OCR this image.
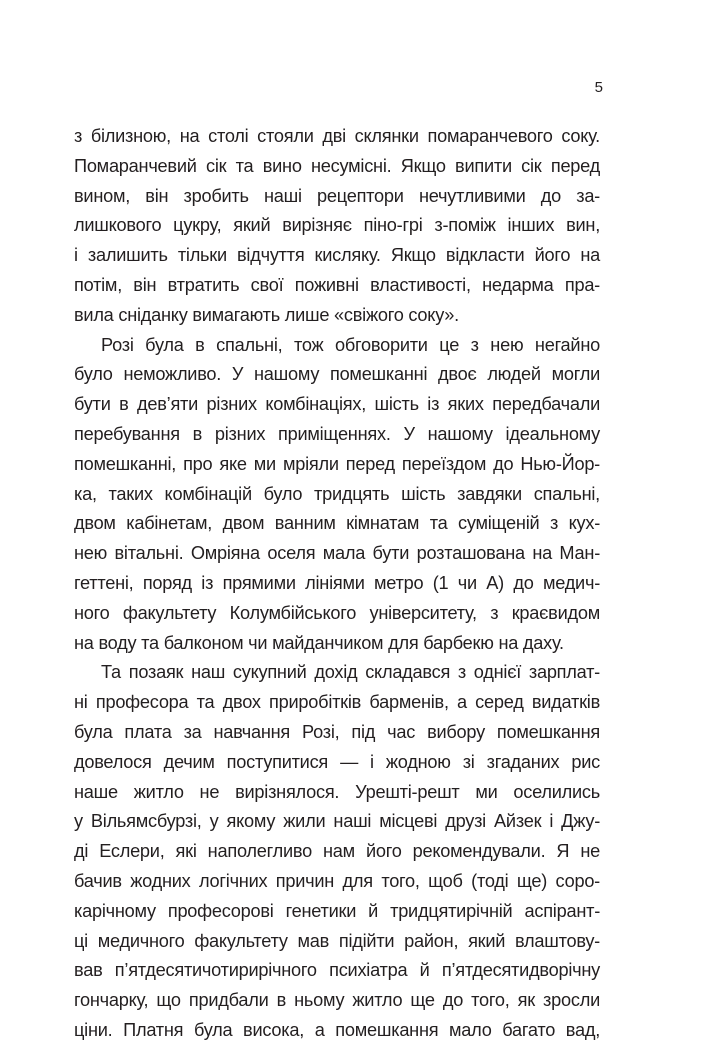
5
з білизною, на столі стояли дві склянки помаранчевого соку.
Помаранчевий сік та вино несумісні. Якщо випити сік перед
вином, він зробить наші рецептори нечутливими до за-
лишкового цукру, який вирізняє піно-грі з-поміж інших вин,
і залишить тільки відчуття кисляку. Якщо відкласти його на
потім, він втратить свої поживні властивості, недарма пра-
вила сніданку вимагають лише «свіжого соку».
Розі була в спальні, тож обговорити це з нею негайно
було неможливо. У нашому помешканні двоє людей могли
бути в дев’яти різних комбінаціях, шість із яких передбачали
перебування в різних приміщеннях. У нашому ідеальному
помешканні, про яке ми мріяли перед переїздом до Нью-Йор-
ка, таких комбінацій було тридцять шість завдяки спальні,
двом кабінетам, двом ванним кімнатам та суміщеній з кух-
нею вітальні. Омріяна оселя мала бути розташована на Ман-
геттені, поряд із прямими лініями метро (1 чи A) до медич-
ного факультету Колумбійського університету, з краєвидом
на воду та балконом чи майданчиком для барбекю на даху.
Та позаяк наш сукупний дохід складався з однієї зарплат-
ні професора та двох приробітків барменів, а серед видатків
була плата за навчання Розі, під час вибору помешкання
довелося дечим поступитися — і жодною зі згаданих рис
наше житло не вирізнялося. Урешті-решт ми оселились
у Вільямсбурзі, у якому жили наші місцеві друзі Айзек і Джу-
ді Еслери, які наполегливо нам його рекомендували. Я не
бачив жодних логічних причин для того, щоб (тоді ще) соро-
карічному професорові генетики й тридцятирічній аспірант-
ці медичного факультету мав підійти район, який влаштову-
вав п’ятдесятичотирирічного психіатра й п’ятдесятидворічну
гончарку, що придбали в ньому житло ще до того, як зросли
ціни. Платня була висока, а помешкання мало багато вад,
